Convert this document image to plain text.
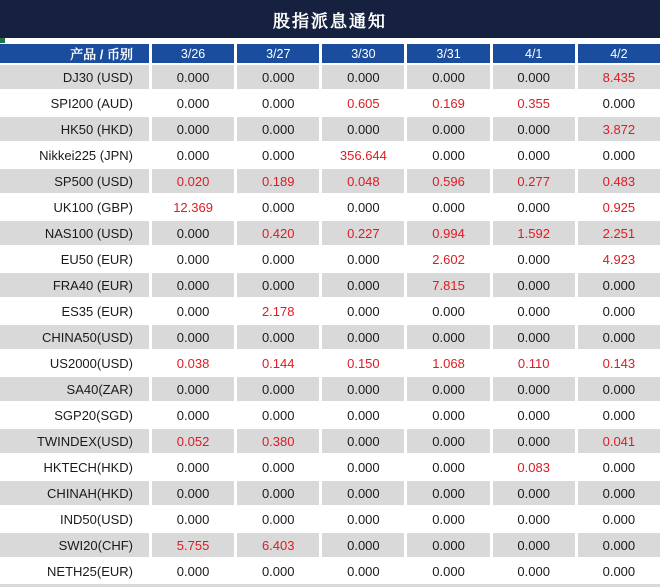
股指派息通知
产品 / 币别	3/26	3/27	3/30	3/31	4/1	4/2
DJ30 (USD)	0.000	0.000	0.000	0.000	0.000	8.435
SPI200 (AUD)	0.000	0.000	0.605	0.169	0.355	0.000
HK50 (HKD)	0.000	0.000	0.000	0.000	0.000	3.872
Nikkei225 (JPN)	0.000	0.000	356.644	0.000	0.000	0.000
SP500 (USD)	0.020	0.189	0.048	0.596	0.277	0.483
UK100 (GBP)	12.369	0.000	0.000	0.000	0.000	0.925
NAS100 (USD)	0.000	0.420	0.227	0.994	1.592	2.251
EU50 (EUR)	0.000	0.000	0.000	2.602	0.000	4.923
FRA40 (EUR)	0.000	0.000	0.000	7.815	0.000	0.000
ES35 (EUR)	0.000	2.178	0.000	0.000	0.000	0.000
CHINA50(USD)	0.000	0.000	0.000	0.000	0.000	0.000
US2000(USD)	0.038	0.144	0.150	1.068	0.110	0.143
SA40(ZAR)	0.000	0.000	0.000	0.000	0.000	0.000
SGP20(SGD)	0.000	0.000	0.000	0.000	0.000	0.000
TWINDEX(USD)	0.052	0.380	0.000	0.000	0.000	0.041
HKTECH(HKD)	0.000	0.000	0.000	0.000	0.083	0.000
CHINAH(HKD)	0.000	0.000	0.000	0.000	0.000	0.000
IND50(USD)	0.000	0.000	0.000	0.000	0.000	0.000
SWI20(CHF)	5.755	6.403	0.000	0.000	0.000	0.000
NETH25(EUR)	0.000	0.000	0.000	0.000	0.000	0.000
